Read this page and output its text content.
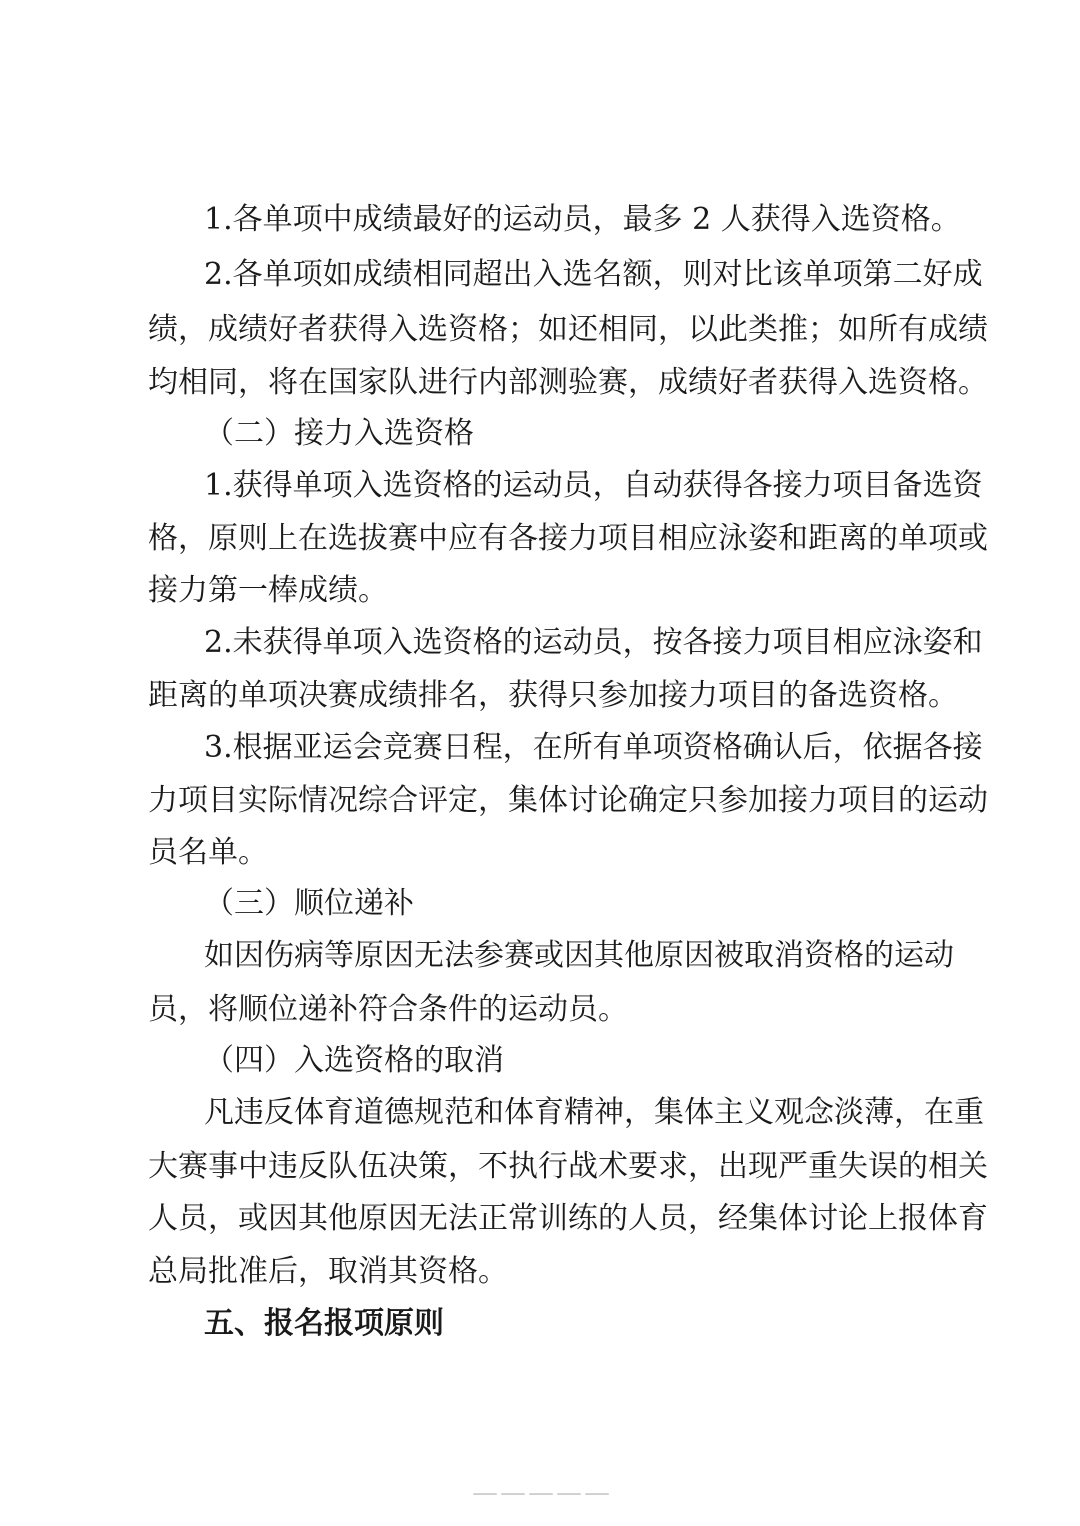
1.各单项中成绩最好的运动员，最多 2 人获得入选资格。
2.各单项如成绩相同超出入选名额，则对比该单项第二好成
绩，成绩好者获得入选资格；如还相同，以此类推；如所有成绩
均相同，将在国家队进行内部测验赛，成绩好者获得入选资格。
（二）接力入选资格
1.获得单项入选资格的运动员，自动获得各接力项目备选资
格，原则上在选拔赛中应有各接力项目相应泳姿和距离的单项或
接力第一棒成绩。
2.未获得单项入选资格的运动员，按各接力项目相应泳姿和
距离的单项决赛成绩排名，获得只参加接力项目的备选资格。
3.根据亚运会竞赛日程，在所有单项资格确认后，依据各接
力项目实际情况综合评定，集体讨论确定只参加接力项目的运动
员名单。
（三）顺位递补
如因伤病等原因无法参赛或因其他原因被取消资格的运动
员，将顺位递补符合条件的运动员。
（四）入选资格的取消
凡违反体育道德规范和体育精神，集体主义观念淡薄，在重
大赛事中违反队伍决策，不执行战术要求，出现严重失误的相关
人员，或因其他原因无法正常训练的人员，经集体讨论上报体育
总局批准后，取消其资格。
五、报名报项原则
—————
